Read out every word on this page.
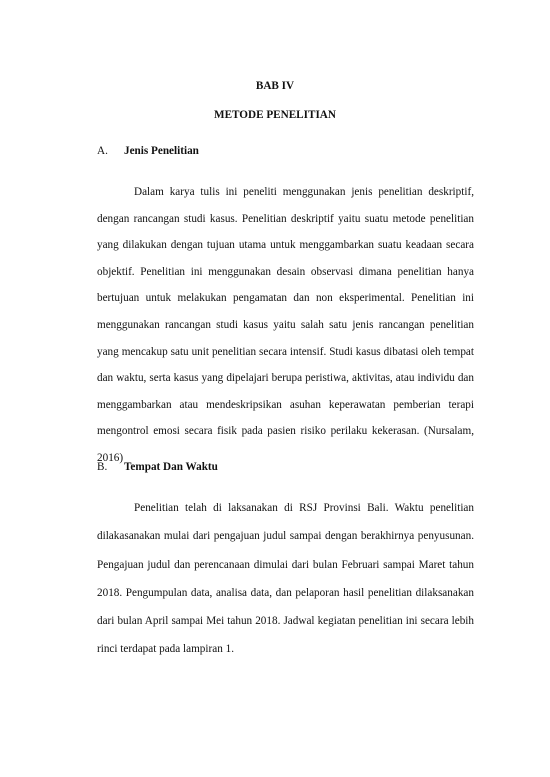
BAB IV
METODE PENELITIAN
A. Jenis Penelitian
Dalam karya tulis ini peneliti menggunakan jenis penelitian deskriptif, dengan rancangan studi kasus. Penelitian deskriptif yaitu suatu metode penelitian yang dilakukan dengan tujuan utama untuk menggambarkan suatu keadaan secara objektif. Penelitian ini menggunakan desain observasi dimana penelitian hanya bertujuan untuk melakukan pengamatan dan non eksperimental. Penelitian ini menggunakan rancangan studi kasus yaitu salah satu jenis rancangan penelitian yang mencakup satu unit penelitian secara intensif. Studi kasus dibatasi oleh tempat dan waktu, serta kasus yang dipelajari berupa peristiwa, aktivitas, atau individu dan menggambarkan atau mendeskripsikan asuhan keperawatan pemberian terapi mengontrol emosi secara fisik pada pasien risiko perilaku kekerasan. (Nursalam, 2016)
B. Tempat Dan Waktu
Penelitian telah di laksanakan di RSJ Provinsi Bali. Waktu penelitian dilakasanakan mulai dari pengajuan judul sampai dengan berakhirnya penyusunan. Pengajuan judul dan perencanaan dimulai dari bulan Februari sampai Maret tahun 2018. Pengumpulan data, analisa data, dan pelaporan hasil penelitian dilaksanakan dari bulan April sampai Mei tahun 2018. Jadwal kegiatan penelitian ini secara lebih rinci terdapat pada lampiran 1.
